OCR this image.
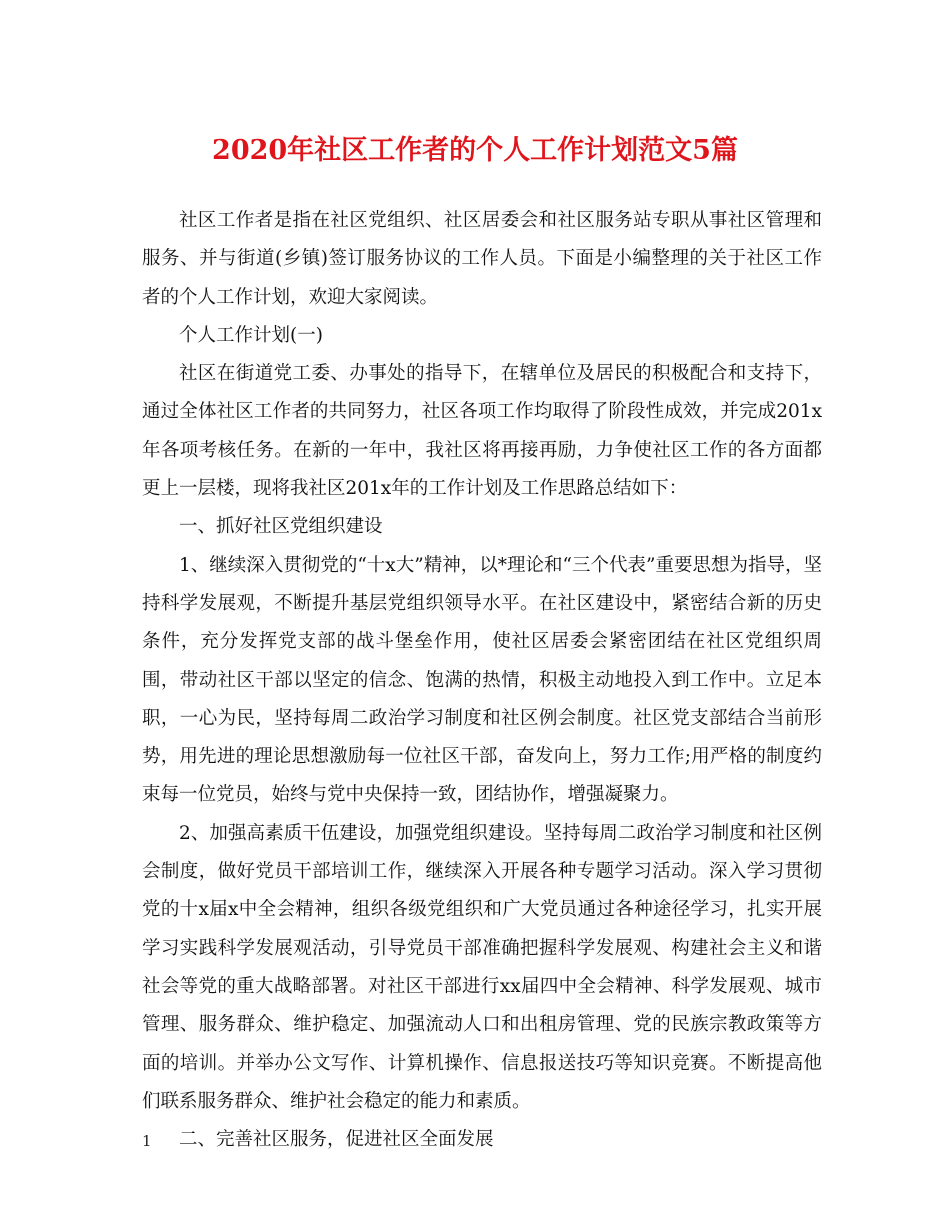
2020年社区工作者的个人工作计划范文5篇

社区工作者是指在社区党组织、社区居委会和社区服务站专职从事社区管理和服务、并与街道(乡镇)签订服务协议的工作人员。下面是小编整理的关于社区工作者的个人工作计划，欢迎大家阅读。

个人工作计划(一)

社区在街道党工委、办事处的指导下，在辖单位及居民的积极配合和支持下，通过全体社区工作者的共同努力，社区各项工作均取得了阶段性成效，并完成201x年各项考核任务。在新的一年中，我社区将再接再励，力争使社区工作的各方面都更上一层楼，现将我社区201x年的工作计划及工作思路总结如下：

一、抓好社区党组织建设

1、继续深入贯彻党的“十x大”精神，以*理论和“三个代表”重要思想为指导，坚持科学发展观，不断提升基层党组织领导水平。在社区建设中，紧密结合新的历史条件，充分发挥党支部的战斗堡垒作用，使社区居委会紧密团结在社区党组织周围，带动社区干部以坚定的信念、饱满的热情，积极主动地投入到工作中。立足本职，一心为民，坚持每周二政治学习制度和社区例会制度。社区党支部结合当前形势，用先进的理论思想激励每一位社区干部，奋发向上，努力工作;用严格的制度约束每一位党员，始终与党中央保持一致，团结协作，增强凝聚力。

2、加强高素质干伍建设，加强党组织建设。坚持每周二政治学习制度和社区例会制度，做好党员干部培训工作，继续深入开展各种专题学习活动。深入学习贯彻党的十x届x中全会精神，组织各级党组织和广大党员通过各种途径学习，扎实开展学习实践科学发展观活动，引导党员干部准确把握科学发展观、构建社会主义和谐社会等党的重大战略部署。对社区干部进行xx届四中全会精神、科学发展观、城市管理、服务群众、维护稳定、加强流动人口和出租房管理、党的民族宗教政策等方面的培训。并举办公文写作、计算机操作、信息报送技巧等知识竞赛。不断提高他们联系服务群众、维护社会稳定的能力和素质。

二、完善社区服务，促进社区全面发展

1
